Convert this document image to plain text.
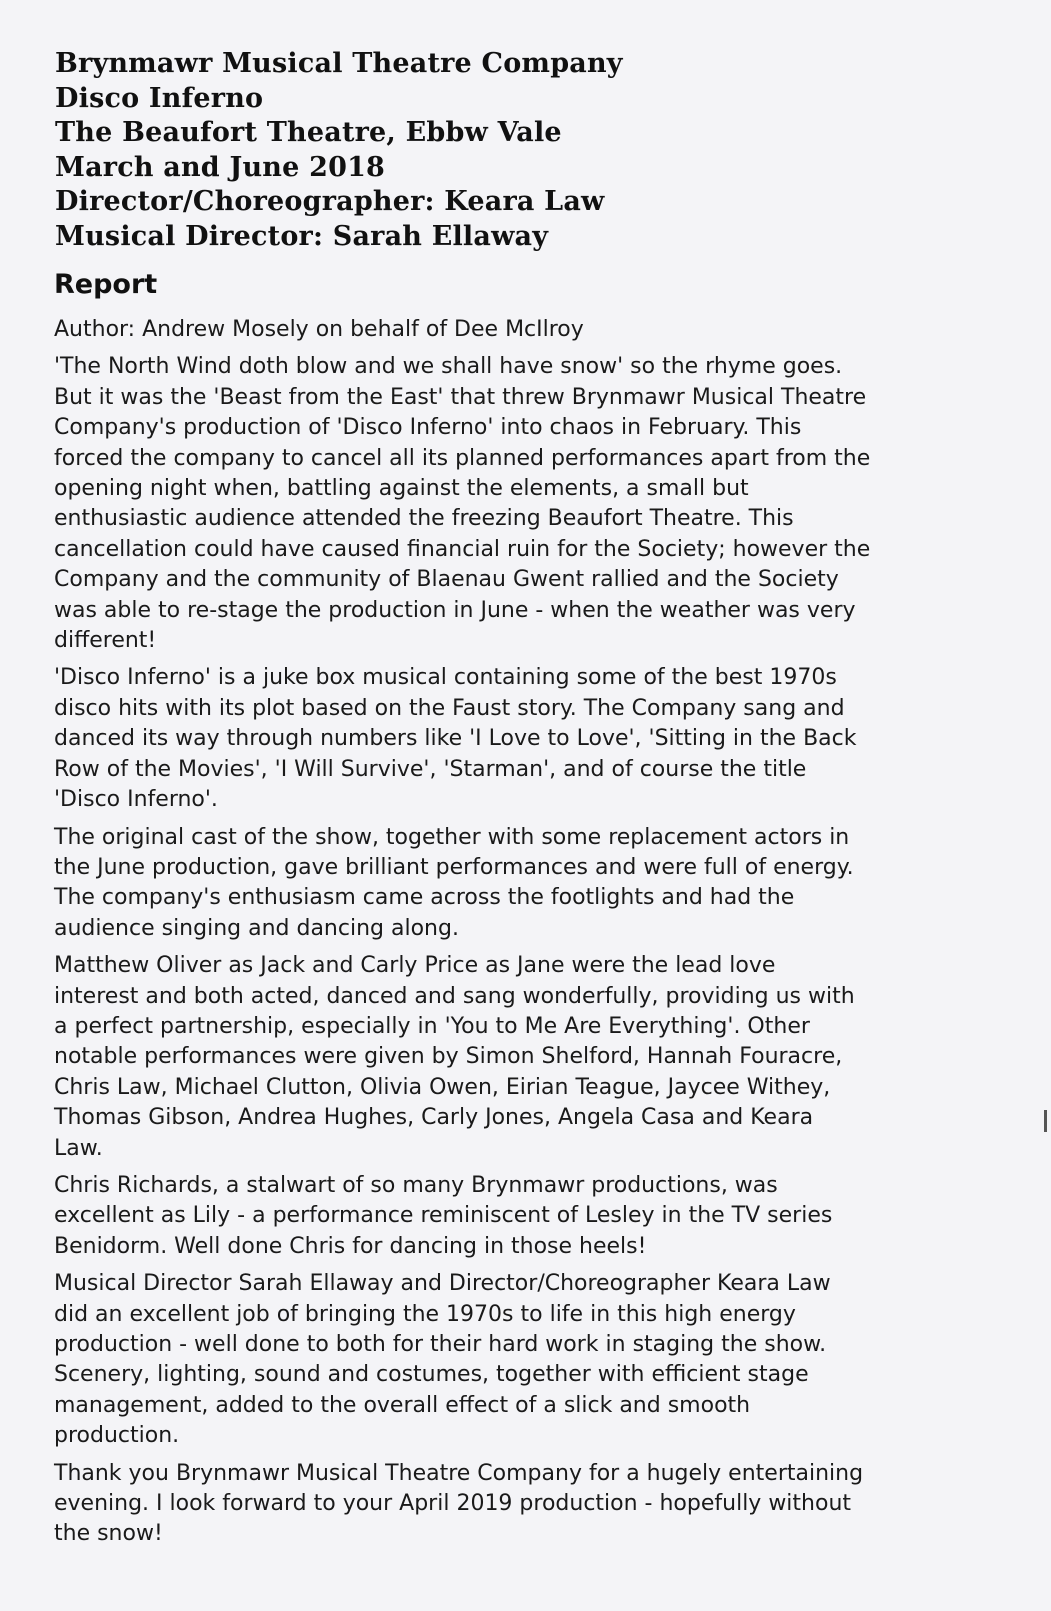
Brynmawr Musical Theatre Company
Disco Inferno
The Beaufort Theatre, Ebbw Vale
March and June 2018
Director/Choreographer: Keara Law
Musical Director: Sarah Ellaway
Report
Author: Andrew Mosely on behalf of Dee McIlroy
'The North Wind doth blow and we shall have snow' so the rhyme goes.
But it was the 'Beast from the East' that threw Brynmawr Musical Theatre
Company's production of 'Disco Inferno' into chaos in February. This
forced the company to cancel all its planned performances apart from the
opening night when, battling against the elements, a small but
enthusiastic audience attended the freezing Beaufort Theatre. This
cancellation could have caused financial ruin for the Society; however the
Company and the community of Blaenau Gwent rallied and the Society
was able to re-stage the production in June - when the weather was very
different!
'Disco Inferno' is a juke box musical containing some of the best 1970s
disco hits with its plot based on the Faust story. The Company sang and
danced its way through numbers like 'I Love to Love', 'Sitting in the Back
Row of the Movies', 'I Will Survive', 'Starman', and of course the title
'Disco Inferno'.
The original cast of the show, together with some replacement actors in
the June production, gave brilliant performances and were full of energy.
The company's enthusiasm came across the footlights and had the
audience singing and dancing along.
Matthew Oliver as Jack and Carly Price as Jane were the lead love
interest and both acted, danced and sang wonderfully, providing us with
a perfect partnership, especially in 'You to Me Are Everything'. Other
notable performances were given by Simon Shelford, Hannah Fouracre,
Chris Law, Michael Clutton, Olivia Owen, Eirian Teague, Jaycee Withey,
Thomas Gibson, Andrea Hughes, Carly Jones, Angela Casa and Keara
Law.
Chris Richards, a stalwart of so many Brynmawr productions, was
excellent as Lily - a performance reminiscent of Lesley in the TV series
Benidorm. Well done Chris for dancing in those heels!
Musical Director Sarah Ellaway and Director/Choreographer Keara Law
did an excellent job of bringing the 1970s to life in this high energy
production - well done to both for their hard work in staging the show.
Scenery, lighting, sound and costumes, together with efficient stage
management, added to the overall effect of a slick and smooth
production.
Thank you Brynmawr Musical Theatre Company for a hugely entertaining
evening. I look forward to your April 2019 production - hopefully without
the snow!
